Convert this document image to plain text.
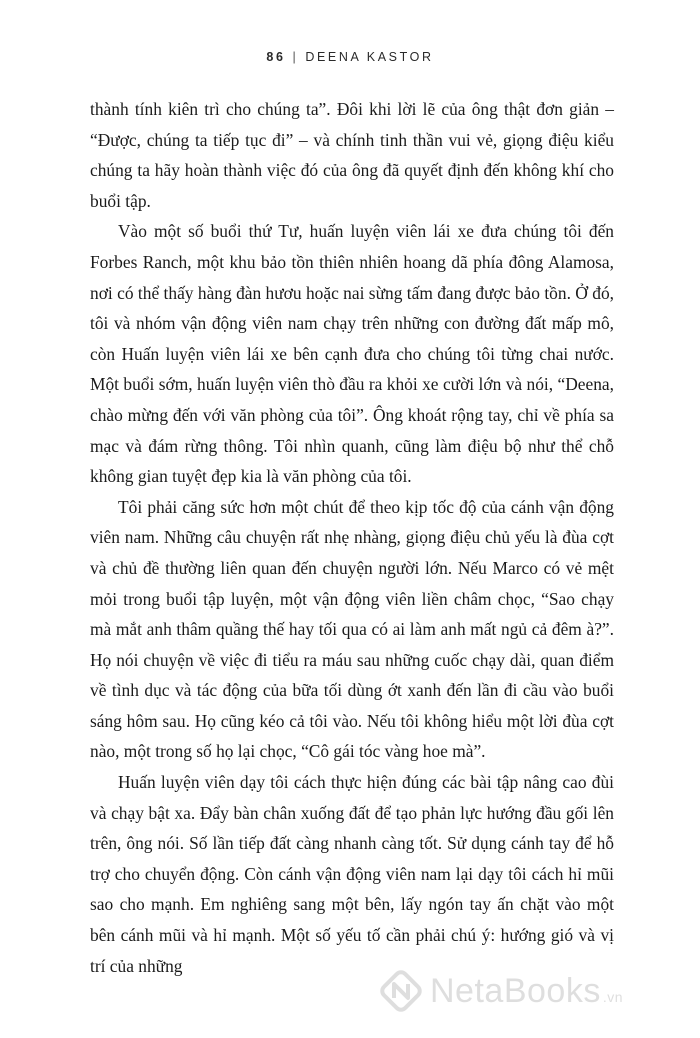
86 | DEENA KASTOR

thành tính kiên trì cho chúng ta”. Đôi khi lời lẽ của ông thật đơn giản – “Được, chúng ta tiếp tục đi” – và chính tinh thần vui vẻ, giọng điệu kiểu chúng ta hãy hoàn thành việc đó của ông đã quyết định đến không khí cho buổi tập.

Vào một số buổi thứ Tư, huấn luyện viên lái xe đưa chúng tôi đến Forbes Ranch, một khu bảo tồn thiên nhiên hoang dã phía đông Alamosa, nơi có thể thấy hàng đàn hươu hoặc nai sừng tấm đang được bảo tồn. Ở đó, tôi và nhóm vận động viên nam chạy trên những con đường đất mấp mô, còn Huấn luyện viên lái xe bên cạnh đưa cho chúng tôi từng chai nước. Một buổi sớm, huấn luyện viên thò đầu ra khỏi xe cười lớn và nói, “Deena, chào mừng đến với văn phòng của tôi”. Ông khoát rộng tay, chỉ về phía sa mạc và đám rừng thông. Tôi nhìn quanh, cũng làm điệu bộ như thể chỗ không gian tuyệt đẹp kia là văn phòng của tôi.

Tôi phải căng sức hơn một chút để theo kịp tốc độ của cánh vận động viên nam. Những câu chuyện rất nhẹ nhàng, giọng điệu chủ yếu là đùa cợt và chủ đề thường liên quan đến chuyện người lớn. Nếu Marco có vẻ mệt mỏi trong buổi tập luyện, một vận động viên liền châm chọc, “Sao chạy mà mắt anh thâm quầng thế hay tối qua có ai làm anh mất ngủ cả đêm à?”. Họ nói chuyện về việc đi tiểu ra máu sau những cuốc chạy dài, quan điểm về tình dục và tác động của bữa tối dùng ớt xanh đến lần đi cầu vào buổi sáng hôm sau. Họ cũng kéo cả tôi vào. Nếu tôi không hiểu một lời đùa cợt nào, một trong số họ lại chọc, “Cô gái tóc vàng hoe mà”.

Huấn luyện viên dạy tôi cách thực hiện đúng các bài tập nâng cao đùi và chạy bật xa. Đẩy bàn chân xuống đất để tạo phản lực hướng đầu gối lên trên, ông nói. Số lần tiếp đất càng nhanh càng tốt. Sử dụng cánh tay để hỗ trợ cho chuyển động. Còn cánh vận động viên nam lại dạy tôi cách hỉ mũi sao cho mạnh. Em nghiêng sang một bên, lấy ngón tay ấn chặt vào một bên cánh mũi và hỉ mạnh. Một số yếu tố cần phải chú ý: hướng gió và vị trí của những

NetaBooks .vn
